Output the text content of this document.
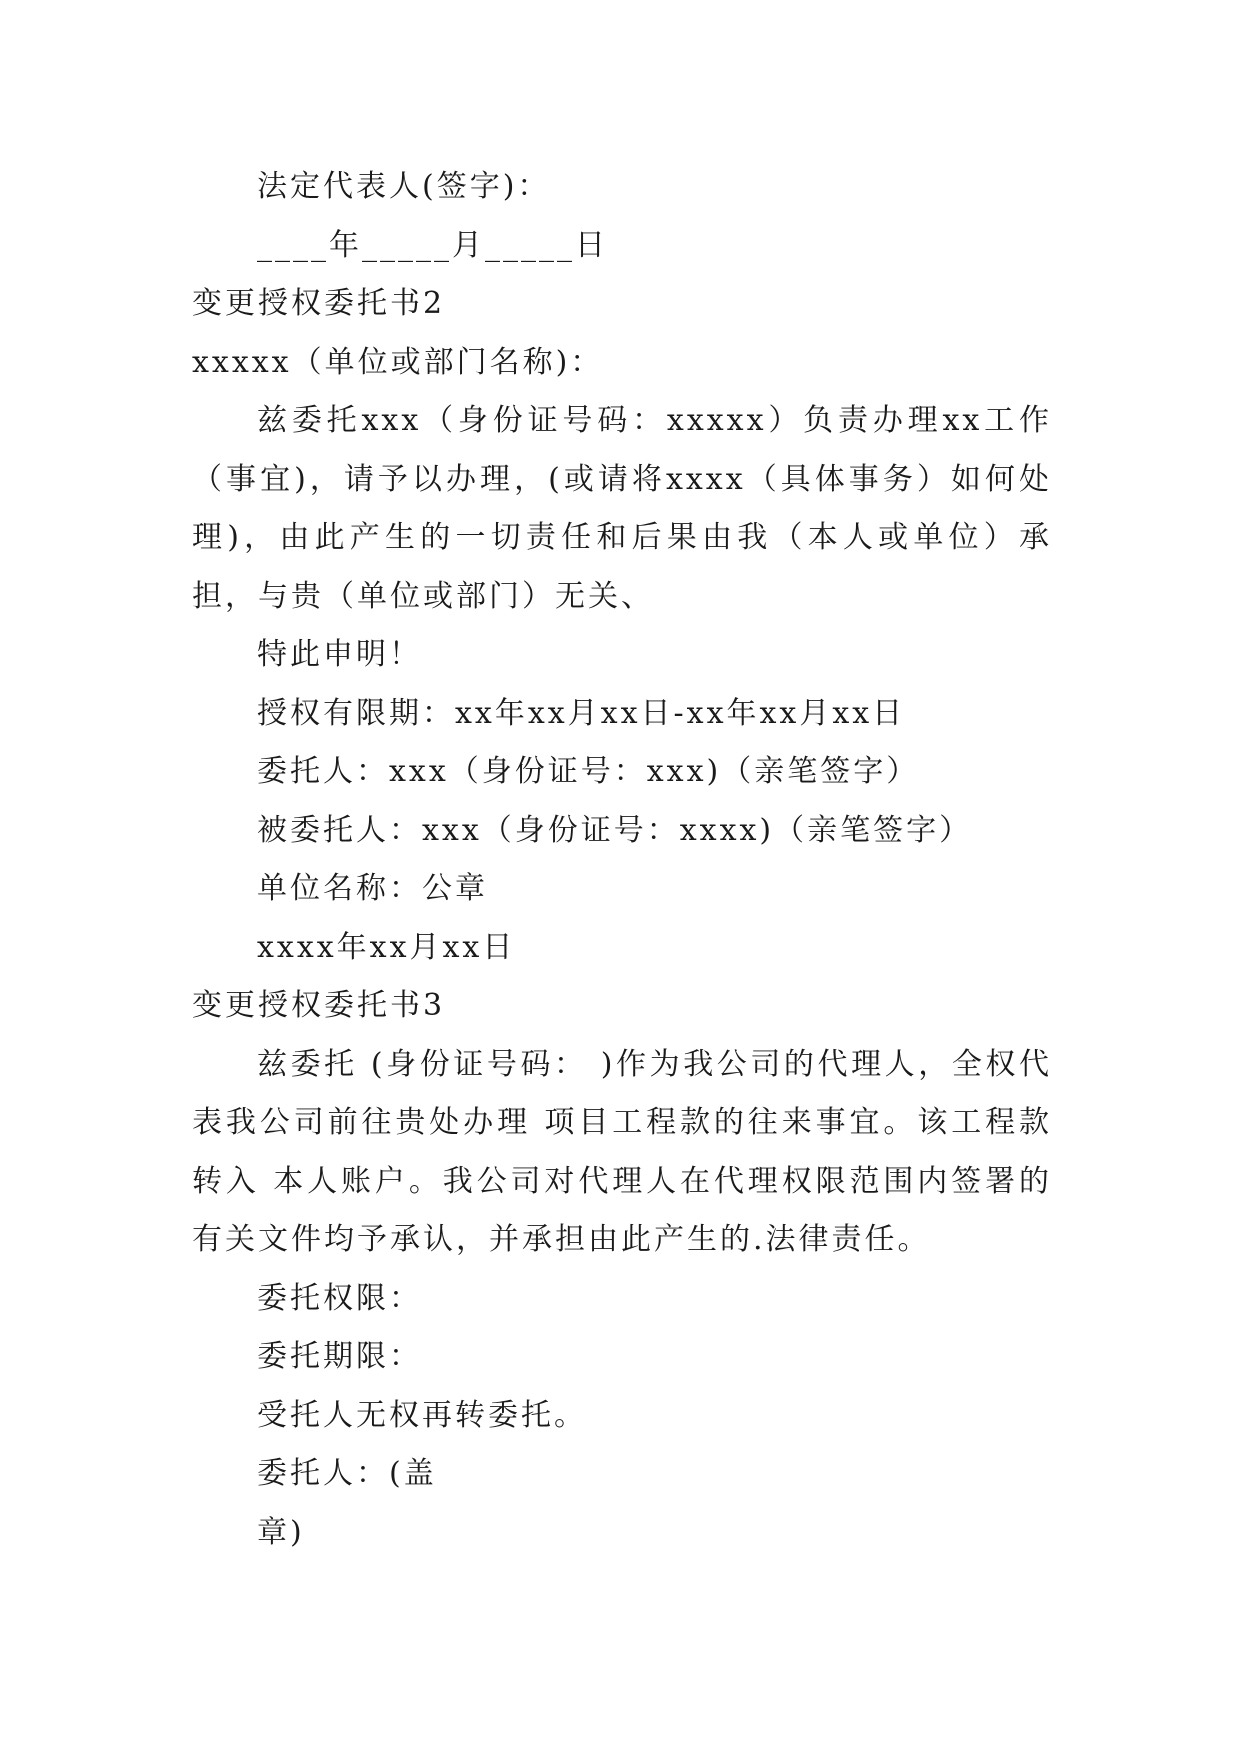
法定代表人(签字)：
____年_____月_____日
变更授权委托书2
xxxxx（单位或部门名称)：
兹委托xxx（身份证号码：xxxxx）负责办理xx工作（事宜)，请予以办理，(或请将xxxx（具体事务）如何处理)，由此产生的一切责任和后果由我（本人或单位）承担，与贵（单位或部门）无关、
特此申明！
授权有限期：xx年xx月xx日-xx年xx月xx日
委托人：xxx（身份证号：xxx)（亲笔签字）
被委托人：xxx（身份证号：xxxx)（亲笔签字）
单位名称：公章
xxxx年xx月xx日
变更授权委托书3
兹委托 (身份证号码： )作为我公司的代理人，全权代表我公司前往贵处办理 项目工程款的往来事宜。该工程款转入 本人账户。我公司对代理人在代理权限范围内签署的有关文件均予承认，并承担由此产生的.法律责任。
委托权限：
委托期限：
受托人无权再转委托。
委托人：(盖
章)
